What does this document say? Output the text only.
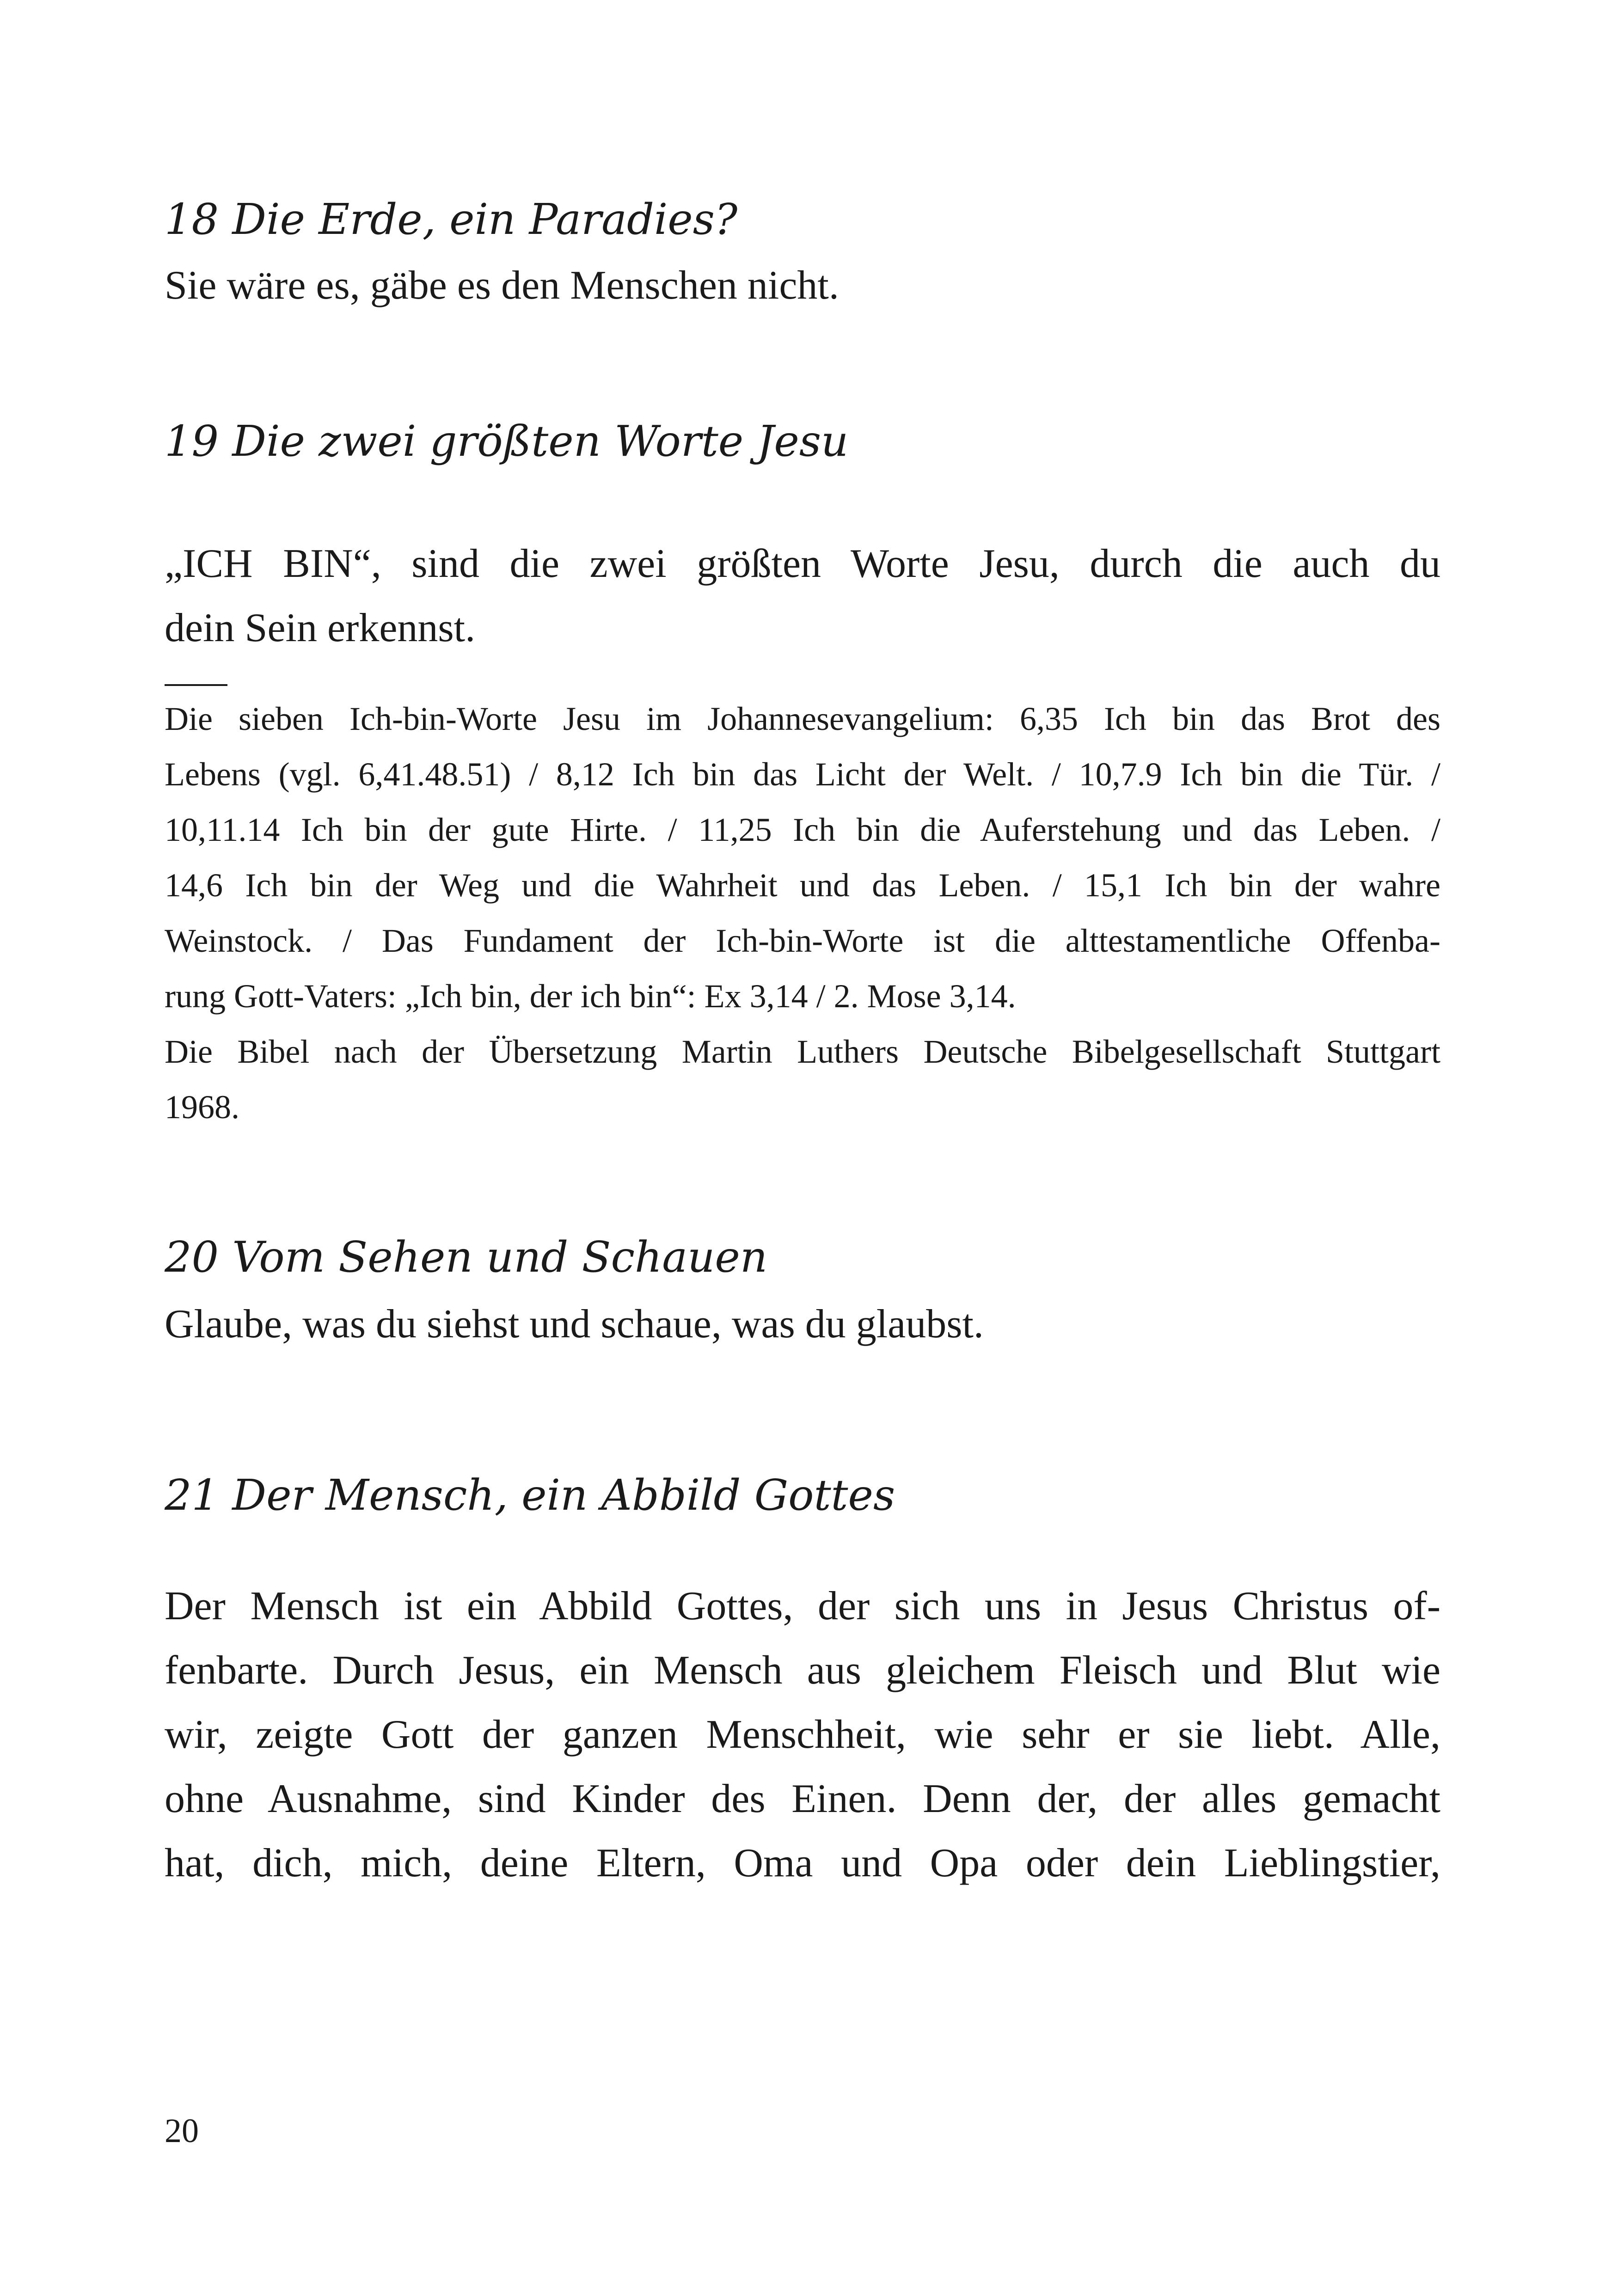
18 Die Erde, ein Paradies?

Sie wäre es, gäbe es den Menschen nicht.

19 Die zwei größten Worte Jesu

„ICH BIN“, sind die zwei größten Worte Jesu, durch die auch du
dein Sein erkennst.

Die sieben Ich-bin-Worte Jesu im Johannesevangelium: 6,35 Ich bin das Brot des
Lebens (vgl. 6,41.48.51) / 8,12 Ich bin das Licht der Welt. / 10,7.9 Ich bin die Tür. /
10,11.14 Ich bin der gute Hirte. / 11,25 Ich bin die Auferstehung und das Leben. /
14,6 Ich bin der Weg und die Wahrheit und das Leben. / 15,1 Ich bin der wahre
Weinstock. / Das Fundament der Ich-bin-Worte ist die alttestamentliche Offenba-
rung Gott-Vaters: „Ich bin, der ich bin“: Ex 3,14 / 2. Mose 3,14.
Die Bibel nach der Übersetzung Martin Luthers Deutsche Bibelgesellschaft Stuttgart
1968.

20 Vom Sehen und Schauen

Glaube, was du siehst und schaue, was du glaubst.

21 Der Mensch, ein Abbild Gottes

Der Mensch ist ein Abbild Gottes, der sich uns in Jesus Christus of-
fenbarte. Durch Jesus, ein Mensch aus gleichem Fleisch und Blut wie
wir, zeigte Gott der ganzen Menschheit, wie sehr er sie liebt. Alle,
ohne Ausnahme, sind Kinder des Einen. Denn der, der alles gemacht
hat, dich, mich, deine Eltern, Oma und Opa oder dein Lieblingstier,

20
